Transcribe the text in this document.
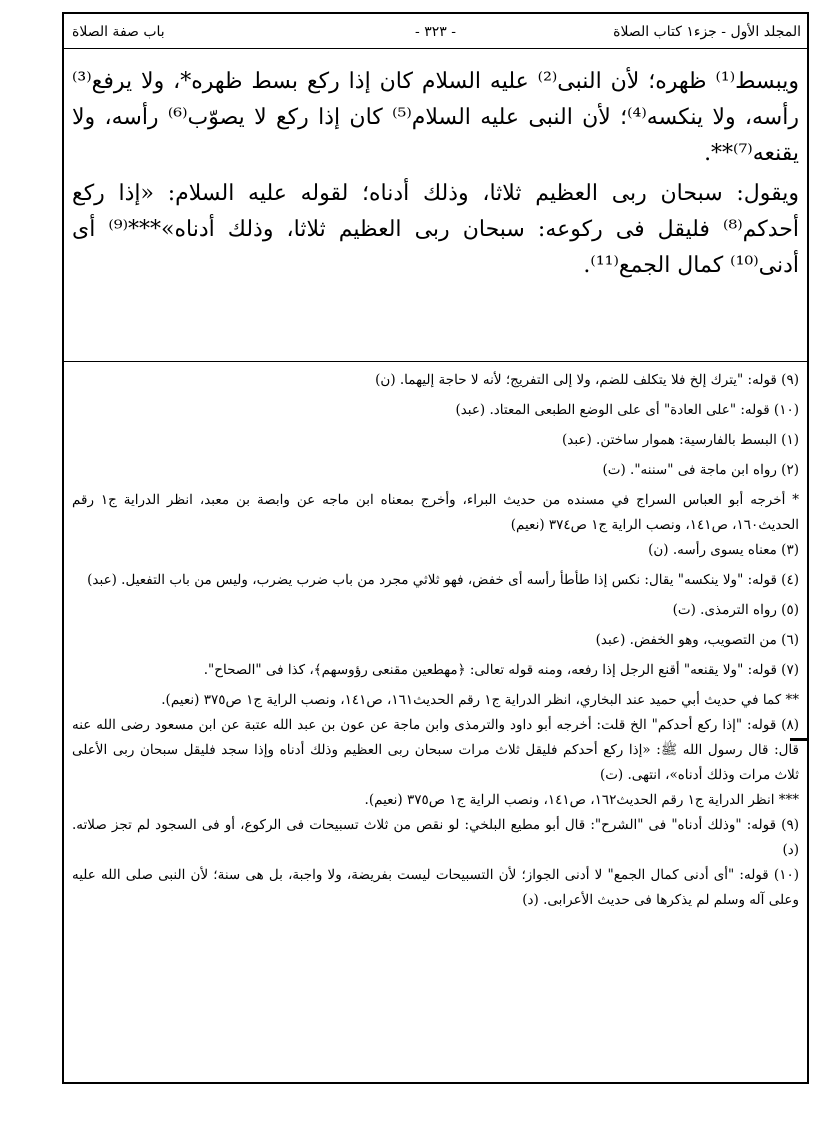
المجلد الأول - جزء١ كتاب الصلاة
- ٣٢٣ -
باب صفة الصلاة

ويبسط⁽¹⁾ ظهره؛ لأن النبى⁽²⁾ عليه السلام كان إذا ركع بسط ظهره*، ولا يرفع⁽³⁾ رأسه، ولا ينكسه⁽⁴⁾؛ لأن النبى عليه السلام⁽⁵⁾ كان إذا ركع لا يصوّب⁽⁶⁾ رأسه، ولا يقنعه⁽⁷⁾**.

ويقول: سبحان ربى العظيم ثلاثا، وذلك أدناه؛ لقوله عليه السلام: «إذا ركع أحدكم⁽⁸⁾ فليقل فى ركوعه: سبحان ربى العظيم ثلاثا، وذلك أدناه»***⁽⁹⁾ أى أدنى⁽¹⁰⁾ كمال الجمع⁽¹¹⁾.

(٩) قوله: "يترك إلخ فلا يتكلف للضم، ولا إلى التفريج؛ لأنه لا حاجة إليهما. (ن)

(١٠) قوله: "على العادة" أى على الوضع الطبعى المعتاد. (عبد)

(١) البسط بالفارسية: هموار ساختن. (عبد)

(٢) رواه ابن ماجة فى "سننه". (ت)

* أخرجه أبو العباس السراج في مسنده من حديث البراء، وأخرج بمعناه ابن ماجه عن وابصة بن معبد، انظر الدراية ج١ رقم الحديث١٦٠، ص١٤١، ونصب الراية ج١ ص٣٧٤ (نعيم)

(٣) معناه يسوى رأسه. (ن)

(٤) قوله: "ولا ينكسه" يقال: نكس إذا طأطأ رأسه أى خفض، فهو ثلاثي مجرد من باب ضرب يضرب، وليس من باب التفعيل. (عبد)

(٥) رواه الترمذى. (ت)

(٦) من التصويب، وهو الخفض. (عبد)

(٧) قوله: "ولا يقنعه" أقنع الرجل إذا رفعه، ومنه قوله تعالى: ﴿مهطعين مقنعى رؤوسهم﴾، كذا فى "الصحاح".

** كما في حديث أبي حميد عند البخاري، انظر الدراية ج١ رقم الحديث١٦١، ص١٤١، ونصب الراية ج١ ص٣٧٥ (نعيم).

(٨) قوله: "إذا ركع أحدكم" الخ قلت: أخرجه أبو داود والترمذى وابن ماجة عن عون بن عبد الله عتبة عن ابن مسعود رضى الله عنه قال: قال رسول الله ﷺ: «إذا ركع أحدكم فليقل ثلاث مرات سبحان ربى العظيم وذلك أدناه وإذا سجد فليقل سبحان ربى الأعلى ثلاث مرات وذلك أدناه»، انتهى. (ت)

*** انظر الدراية ج١ رقم الحديث١٦٢، ص١٤١، ونصب الراية ج١ ص٣٧٥ (نعيم).

(٩) قوله: "وذلك أدناه" فى "الشرح": قال أبو مطيع البلخي: لو نقص من ثلاث تسبيحات فى الركوع، أو فى السجود لم تجز صلاته. (د)

(١٠) قوله: "أى أدنى كمال الجمع" لا أدنى الجواز؛ لأن التسبيحات ليست بفريضة، ولا واجبة، بل هى سنة؛ لأن النبى صلى الله عليه وعلى آله وسلم لم يذكرها فى حديث الأعرابى. (د)
